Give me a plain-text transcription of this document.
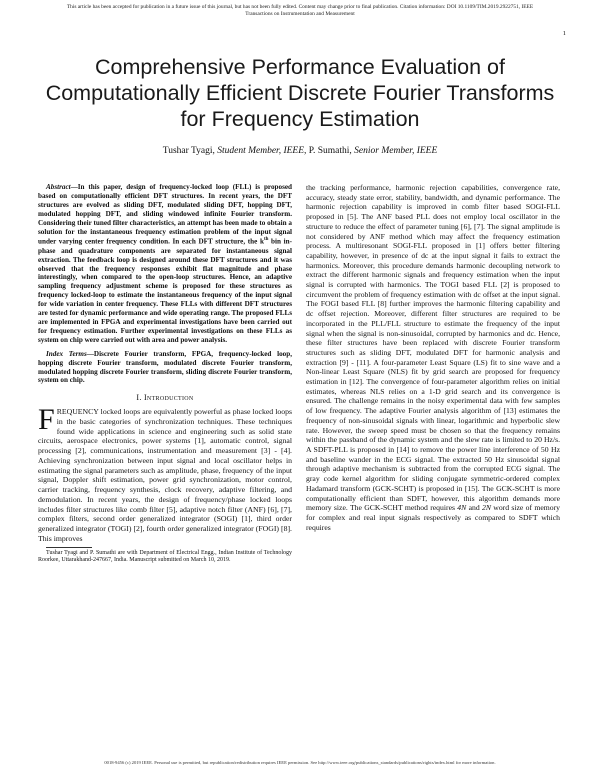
This article has been accepted for publication in a future issue of this journal, but has not been fully edited. Content may change prior to final publication. Citation information: DOI 10.1109/TIM.2019.2922751, IEEE
Transactions on Instrumentation and Measurement
1
Comprehensive Performance Evaluation of Computationally Efficient Discrete Fourier Transforms for Frequency Estimation
Tushar Tyagi, Student Member, IEEE, P. Sumathi, Senior Member, IEEE

Abstract—In this paper, design of frequency-locked loop (FLL) is proposed based on computationally efficient DFT structures. In recent years, the DFT structures are evolved as sliding DFT, modulated sliding DFT, hopping DFT, modulated hopping DFT, and sliding windowed infinite Fourier transform. Considering their tuned filter characteristics, an attempt has been made to obtain a solution for the instantaneous frequency estimation problem of the input signal under varying center frequency condition. In each DFT structure, the $k^{th}$ bin in-phase and quadrature components are separated for instantaneous signal extraction. The feedback loop is designed around these DFT structures and it was observed that the frequency responses exhibit flat magnitude and phase interestingly, when compared to the open-loop structures. Hence, an adaptive sampling frequency adjustment scheme is proposed for these structures as frequency locked-loop to estimate the instantaneous frequency of the input signal for wide variation in center frequency. These FLLs with different DFT structures are tested for dynamic performance and wide operating range. The proposed FLLs are implemented in FPGA and experimental investigations have been carried out for frequency estimation. Further experimental investigations on these FLLs as system on chip were carried out with area and power analysis.

Index Terms—Discrete Fourier transform, FPGA, frequency-locked loop, hopping discrete Fourier transform, modulated discrete Fourier transform, modulated hopping discrete Fourier transform, sliding discrete Fourier transform, system on chip.

I. Introduction

FREQUENCY locked loops are equivalently powerful as phase locked loops in the basic categories of synchronization techniques. These techniques found wide applications in science and engineering such as solid state circuits, aerospace electronics, power systems [1], automatic control, signal processing [2], communications, instrumentation and measurement [3] - [4]. Achieving synchronization between input signal and local oscillator helps in estimating the signal parameters such as amplitude, phase, frequency of the input signal, Doppler shift estimation, power grid synchronization, motor control, carrier tracking, frequency synthesis, clock recovery, adaptive filtering, and demodulation. In recent years, the design of frequency/phase locked loops includes filter structures like comb filter [5], adaptive notch filter (ANF) [6], [7], complex filters, second order generalized integrator (SOGI) [1], third order generalized integrator (TOGI) [2], fourth order generalized integrator (FOGI) [8]. This improves

Tushar Tyagi and P. Sumathi are with Department of Electrical Engg., Indian Institute of Technology Roorkee, Uttarakhand-247667, India. Manuscript submitted on March 10, 2019.

the tracking performance, harmonic rejection capabilities, convergence rate, accuracy, steady state error, stability, bandwidth, and dynamic performance. The harmonic rejection capability is improved in comb filter based SOGI-FLL proposed in [5]. The ANF based PLL does not employ local oscillator in the structure to reduce the effect of parameter tuning [6], [7]. The signal amplitude is not considered by ANF method which may affect the frequency estimation process. A multiresonant SOGI-FLL proposed in [1] offers better filtering capability, however, in presence of dc at the input signal it fails to extract the harmonics. Moreover, this procedure demands harmonic decoupling network to extract the different harmonic signals and frequency estimation when the input signal is corrupted with harmonics. The TOGI based FLL [2] is proposed to circumvent the problem of frequency estimation with dc offset at the input signal. The FOGI based FLL [8] further improves the harmonic filtering capability and dc offset rejection. Moreover, different filter structures are required to be incorporated in the PLL/FLL structure to estimate the frequency of the input signal when the signal is non-sinusoidal, corrupted by harmonics and dc. Hence, these filter structures have been replaced with discrete Fourier transform structures such as sliding DFT, modulated DFT for harmonic analysis and extraction [9] - [11]. A four-parameter Least Square (LS) fit to sine wave and a Non-linear Least Square (NLS) fit by grid search are proposed for frequency estimation in [12]. The convergence of four-parameter algorithm relies on initial estimates, whereas NLS relies on a 1-D grid search and its convergence is ensured. The challenge remains in the noisy experimental data with few samples of low frequency. The adaptive Fourier analysis algorithm of [13] estimates the frequency of non-sinusoidal signals with linear, logarithmic and hyperbolic slew rate. However, the sweep speed must be chosen so that the frequency remains within the passband of the dynamic system and the slew rate is limited to 20 Hz/s. A SDFT-PLL is proposed in [14] to remove the power line interference of 50 Hz and baseline wander in the ECG signal. The extracted 50 Hz sinusoidal signal through adaptive mechanism is subtracted from the corrupted ECG signal. The gray code kernel algorithm for sliding conjugate symmetric-ordered complex Hadamard transform (GCK-SCHT) is proposed in [15]. The GCK-SCHT is more computationally efficient than SDFT, however, this algorithm demands more memory size. The GCK-SCHT method requires 4N and 2N word size of memory for complex and real input signals respectively as compared to SDFT which requires

0018-9456 (c) 2019 IEEE. Personal use is permitted, but republication/redistribution requires IEEE permission. See http://www.ieee.org/publications_standards/publications/rights/index.html for more information.
